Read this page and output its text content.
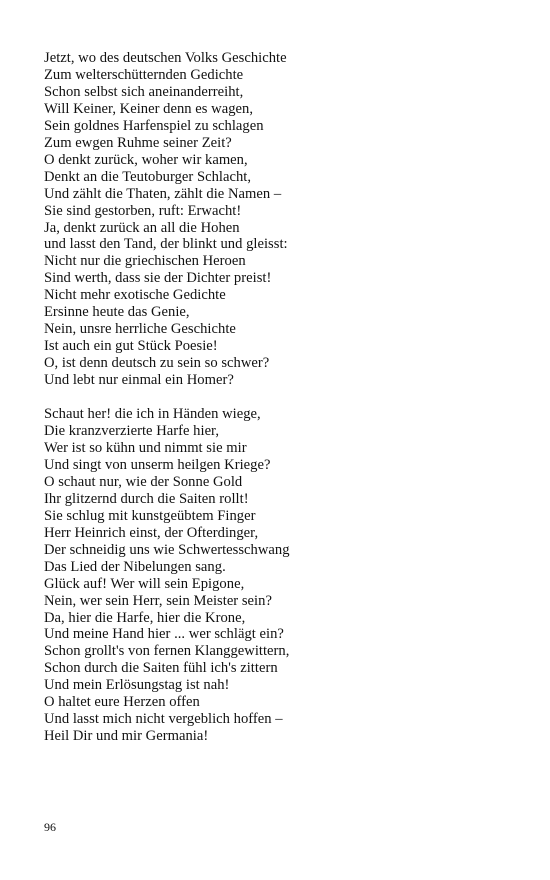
Jetzt, wo des deutschen Volks Geschichte
Zum welterschütternden Gedichte
Schon selbst sich aneinanderreiht,
Will Keiner, Keiner denn es wagen,
Sein goldnes Harfenspiel zu schlagen
Zum ewgen Ruhme seiner Zeit?
O denkt zurück, woher wir kamen,
Denkt an die Teutoburger Schlacht,
Und zählt die Thaten, zählt die Namen –
Sie sind gestorben, ruft: Erwacht!
Ja, denkt zurück an all die Hohen
und lasst den Tand, der blinkt und gleisst:
Nicht nur die griechischen Heroen
Sind werth, dass sie der Dichter preist!
Nicht mehr exotische Gedichte
Ersinne heute das Genie,
Nein, unsre herrliche Geschichte
Ist auch ein gut Stück Poesie!
O, ist denn deutsch zu sein so schwer?
Und lebt nur einmal ein Homer?
Schaut her! die ich in Händen wiege,
Die kranzverzierte Harfe hier,
Wer ist so kühn und nimmt sie mir
Und singt von unserm heilgen Kriege?
O schaut nur, wie der Sonne Gold
Ihr glitzernd durch die Saiten rollt!
Sie schlug mit kunstgeübtem Finger
Herr Heinrich einst, der Ofterdinger,
Der schneidig uns wie Schwertesschwang
Das Lied der Nibelungen sang.
Glück auf! Wer will sein Epigone,
Nein, wer sein Herr, sein Meister sein?
Da, hier die Harfe, hier die Krone,
Und meine Hand hier ... wer schlägt ein?
Schon grollt's von fernen Klanggewittern,
Schon durch die Saiten fühl ich's zittern
Und mein Erlösungstag ist nah!
O haltet eure Herzen offen
Und lasst mich nicht vergeblich hoffen –
Heil Dir und mir Germania!
96
